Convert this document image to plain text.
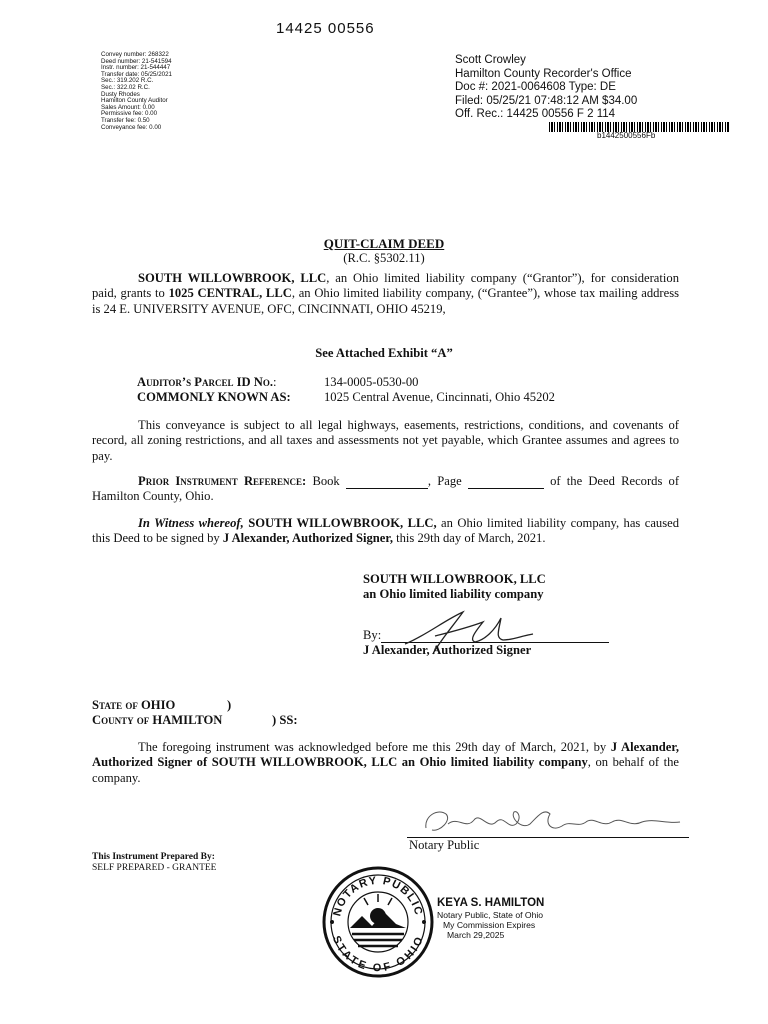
14425 00556
Convey number: 268322
Deed number: 21-541594
Instr. number: 21-544447
Transfer date: 05/25/2021
Sec.: 319.202 R.C.
Sec.: 322.02 R.C.
Dusty Rhodes
Hamilton County Auditor
Sales Amount: 0.00
Permissive fee: 0.00
Transfer fee: 0.50
Conveyance fee: 0.00
Scott Crowley
Hamilton County Recorder's Office
Doc #: 2021-0064608 Type: DE
Filed: 05/25/21 07:48:12 AM $34.00
Off. Rec.: 14425 00556 F 2 114
b1442500556Fb
QUIT-CLAIM DEED
(R.C. §5302.11)
SOUTH WILLOWBROOK, LLC, an Ohio limited liability company (“Grantor”), for consideration paid, grants to 1025 CENTRAL, LLC, an Ohio limited liability company, (“Grantee”), whose tax mailing address is 24 E. UNIVERSITY AVENUE, OFC, CINCINNATI, OHIO 45219,
See Attached Exhibit “A”
Auditor’s Parcel ID No.:	134-0005-0530-00
COMMONLY KNOWN AS:	1025 Central Avenue, Cincinnati, Ohio 45202
This conveyance is subject to all legal highways, easements, restrictions, conditions, and covenants of record, all zoning restrictions, and all taxes and assessments not yet payable, which Grantee assumes and agrees to pay.
Prior Instrument Reference: Book	, Page	of the Deed Records of Hamilton County, Ohio.
In Witness whereof, SOUTH WILLOWBROOK, LLC, an Ohio limited liability company, has caused this Deed to be signed by J Alexander, Authorized Signer, this 29th day of March, 2021.
SOUTH WILLOWBROOK, LLC
an Ohio limited liability company
By:
J Alexander, Authorized Signer
State of OHIO	)
County of HAMILTON	) SS:
The foregoing instrument was acknowledged before me this 29th day of March, 2021, by J Alexander, Authorized Signer of SOUTH WILLOWBROOK, LLC an Ohio limited liability company, on behalf of the company.
Notary Public
This Instrument Prepared By:
SELF PREPARED - GRANTEE
NOTARY PUBLIC
STATE OF OHIO
KEYA S. HAMILTON
Notary Public, State of Ohio
My Commission Expires
March 29,2025
